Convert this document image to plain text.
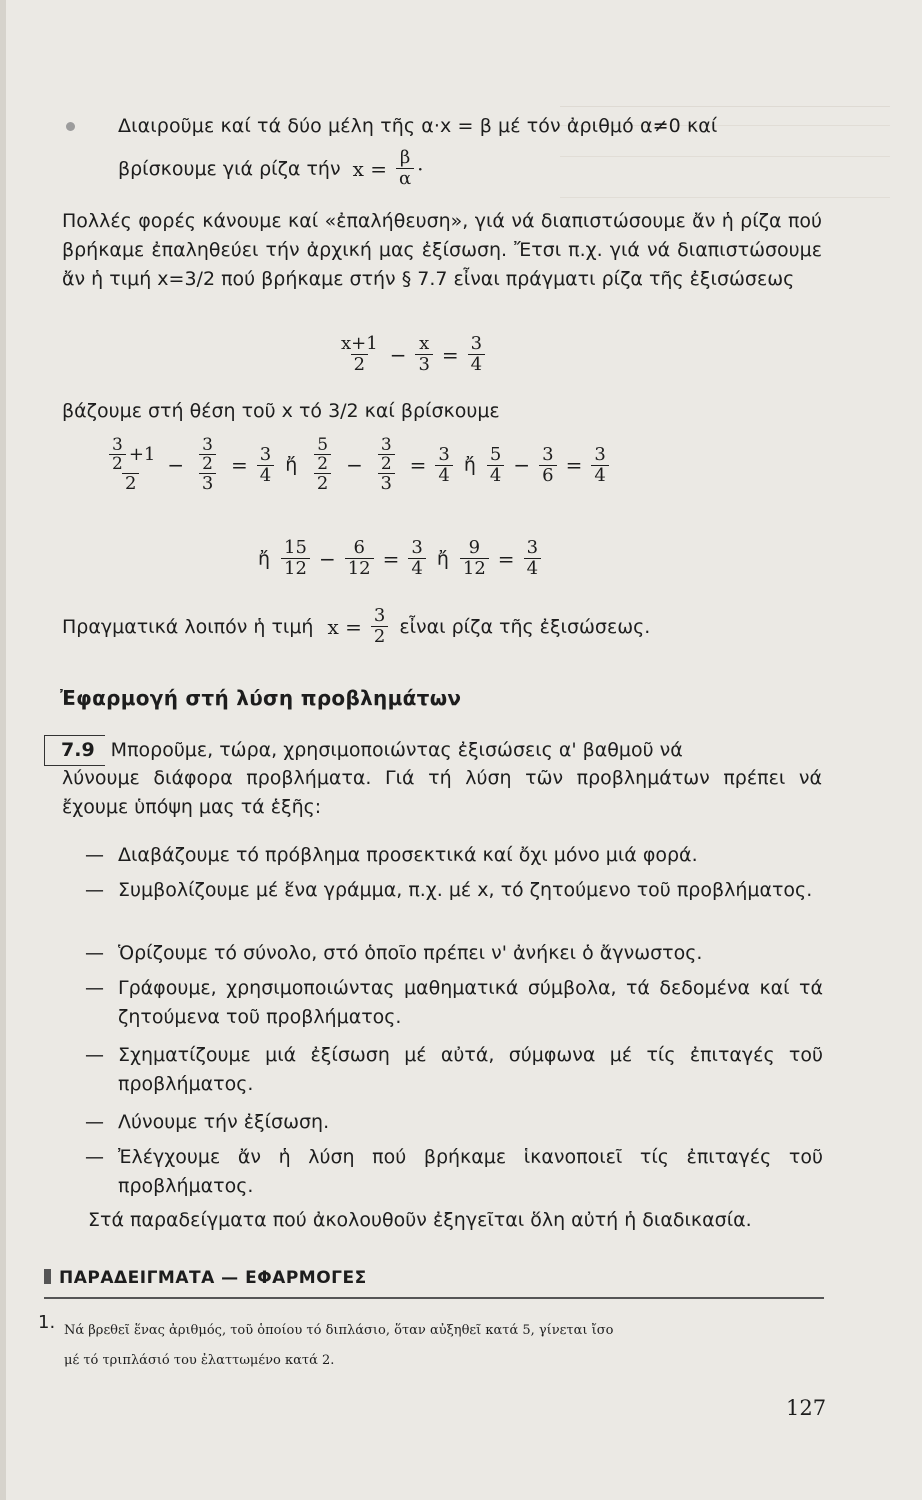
Διαιροῦμε καί τά δύο μέλη τῆς α·x = β μέ τόν ἀριθμό α≠0 καί

βρίσκουμε γιά ρίζα τήν $x = \frac{\beta}{\alpha}$ ·

Πολλές φορές κάνουμε καί «ἐπαλήθευση», γιά νά διαπιστώσουμε ἄν ἡ ρίζα πού βρήκαμε ἐπαληθεύει τήν ἀρχική μας ἐξίσωση. Ἔτσι π.χ. γιά νά διαπιστώσουμε ἄν ἡ τιμή x=3/2 πού βρήκαμε στήν § 7.7 εἶναι πράγματι ρίζα τῆς ἐξισώσεως

$\frac{x+1}{2} - \frac{x}{3} = \frac{3}{4}$

βάζουμε στή θέση τοῦ x τό 3/2 καί βρίσκουμε

$\frac{\frac{3}{2} +1}{2} - \frac{\frac{3}{2}}{3} = \frac{3}{4}$ ἤ $\frac{\frac{5}{2}}{2} - \frac{\frac{3}{2}}{3} = \frac{3}{4}$ ἤ $\frac{5}{4} - \frac{3}{6} = \frac{3}{4}$
ἤ $\frac{15}{12} - \frac{6}{12} = \frac{3}{4}$ ἤ $\frac{9}{12} = \frac{3}{4}$
Πραγματικά λοιπόν ἡ τιμή $x = \frac{3}{2}$ εἶναι ρίζα τῆς ἐξισώσεως.
Ἐφαρμογή στή λύση προβλημάτων

7.9 Μποροῦμε, τώρα, χρησιμοποιώντας ἐξισώσεις α' βαθμοῦ νά

λύνουμε διάφορα προβλήματα. Γιά τή λύση τῶν προβλημάτων πρέπει νά ἔχουμε ὑπόψη μας τά ἑξῆς:

— Διαβάζουμε τό πρόβλημα προσεκτικά καί ὄχι μόνο μιά φορά.
— Συμβολίζουμε μέ ἕνα γράμμα, π.χ. μέ x, τό ζητούμενο τοῦ προβλήματος.
— Ὁρίζουμε τό σύνολο, στό ὁποῖο πρέπει ν' ἀνήκει ὁ ἄγνωστος.
— Γράφουμε, χρησιμοποιώντας μαθηματικά σύμβολα, τά δεδομένα καί τά ζητούμενα τοῦ προβλήματος.
— Σχηματίζουμε μιά ἐξίσωση μέ αὐτά, σύμφωνα μέ τίς ἐπιταγές τοῦ προβλήματος.
— Λύνουμε τήν ἐξίσωση.
— Ἐλέγχουμε ἄν ἡ λύση πού βρήκαμε ἱκανοποιεῖ τίς ἐπιταγές τοῦ προβλήματος.

Στά παραδείγματα πού ἀκολουθοῦν ἐξηγεῖται ὅλη αὐτή ἡ διαδικασία.

ΠΑΡΑΔΕΙΓΜΑΤΑ — ΕΦΑΡΜΟΓΕΣ
1. Νά βρεθεῖ ἕνας ἀριθμός, τοῦ ὁποίου τό διπλάσιο, ὅταν αὐξηθεῖ κατά 5, γίνεται ἴσο
μέ τό τριπλάσιό του ἐλαττωμένο κατά 2.
127
